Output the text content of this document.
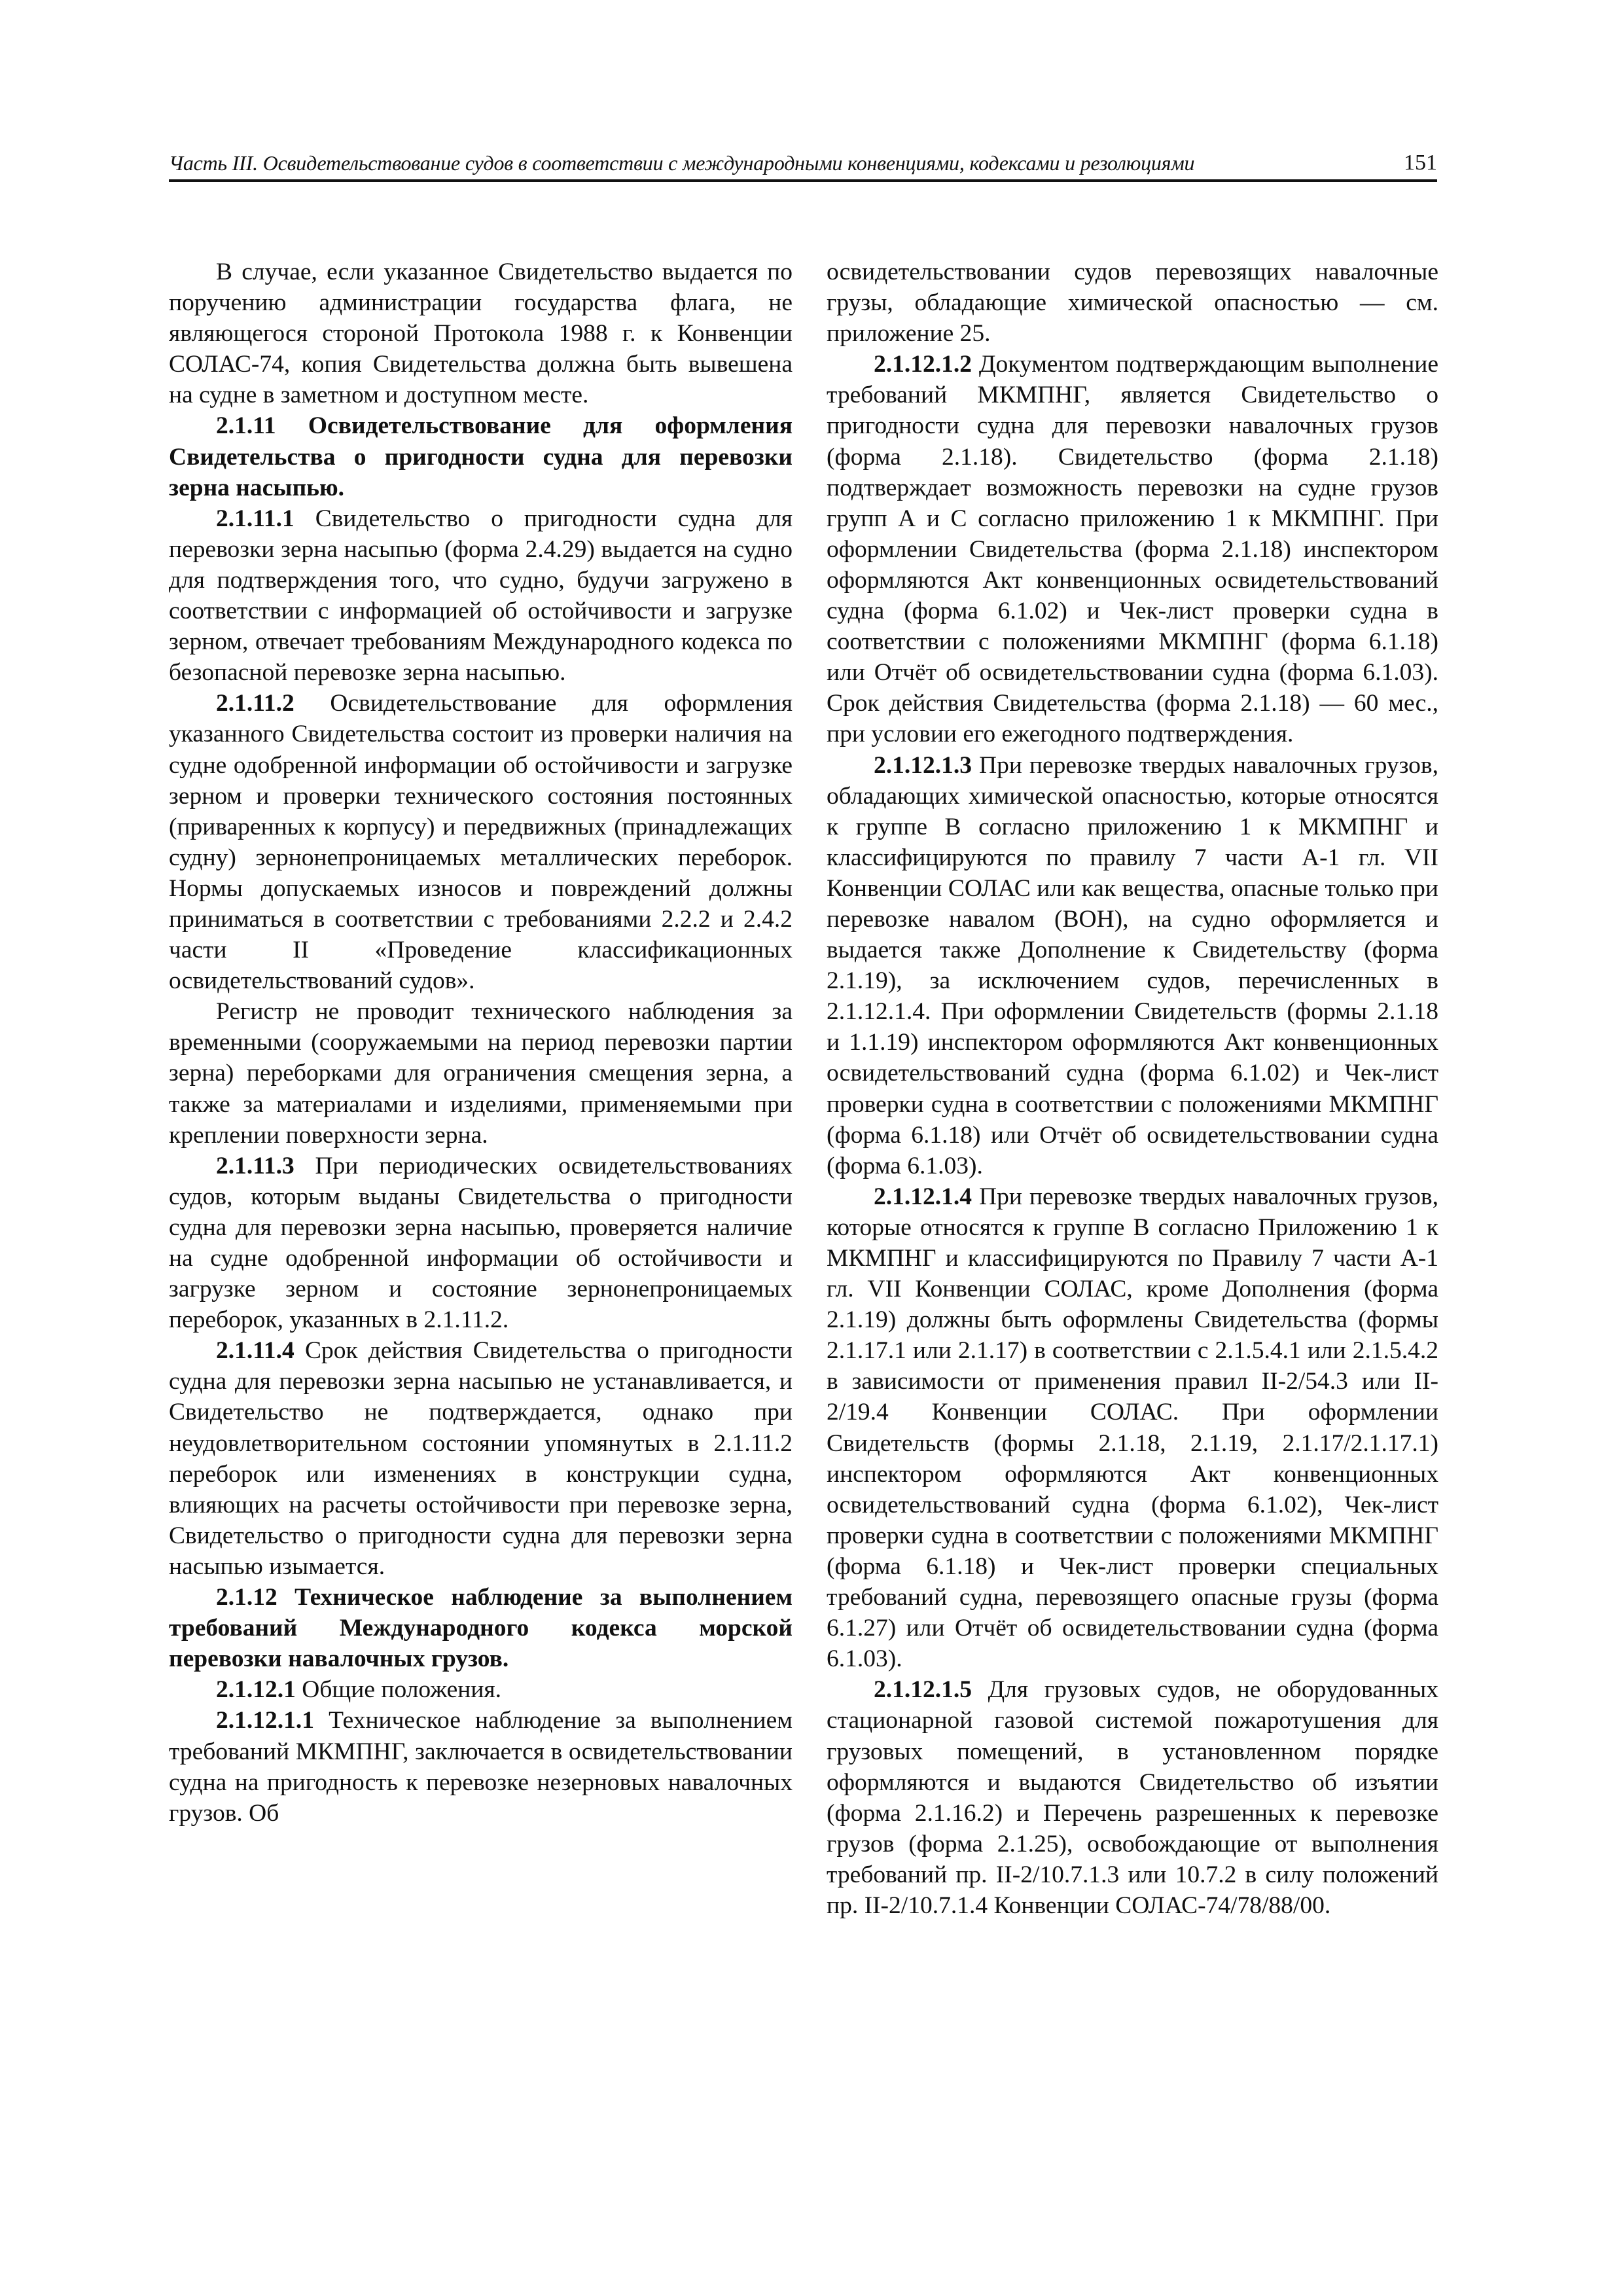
Часть III. Освидетельствование судов в соответствии с международными конвенциями, кодексами и резолюциями	151

В случае, если указанное Свидетельство выдается по поручению администрации государства флага, не являющегося стороной Протокола 1988 г. к Конвенции СОЛАС-74, копия Свидетельства должна быть вывешена на судне в заметном и доступном месте.

2.1.11 Освидетельствование для оформления Свидетельства о пригодности судна для перевозки зерна насыпью.

2.1.11.1 Свидетельство о пригодности судна для перевозки зерна насыпью (форма 2.4.29) выдается на судно для подтверждения того, что судно, будучи загружено в соответствии с информацией об остойчивости и загрузке зерном, отвечает требованиям Международного кодекса по безопасной перевозке зерна насыпью.

2.1.11.2 Освидетельствование для оформления указанного Свидетельства состоит из проверки наличия на судне одобренной информации об остойчивости и загрузке зерном и проверки технического состояния постоянных (приваренных к корпусу) и передвижных (принадлежащих судну) зернонепроницаемых металлических переборок. Нормы допускаемых износов и повреждений должны приниматься в соответствии с требованиями 2.2.2 и 2.4.2 части II «Проведение классификационных освидетельствований судов».

Регистр не проводит технического наблюдения за временными (сооружаемыми на период перевозки партии зерна) переборками для ограничения смещения зерна, а также за материалами и изделиями, применяемыми при креплении поверхности зерна.

2.1.11.3 При периодических освидетельствованиях судов, которым выданы Свидетельства о пригодности судна для перевозки зерна насыпью, проверяется наличие на судне одобренной информации об остойчивости и загрузке зерном и состояние зернонепроницаемых переборок, указанных в 2.1.11.2.

2.1.11.4 Срок действия Свидетельства о пригодности судна для перевозки зерна насыпью не устанавливается, и Свидетельство не подтверждается, однако при неудовлетворительном состоянии упомянутых в 2.1.11.2 переборок или изменениях в конструкции судна, влияющих на расчеты остойчивости при перевозке зерна, Свидетельство о пригодности судна для перевозки зерна насыпью изымается.

2.1.12 Техническое наблюдение за выполнением требований Международного кодекса морской перевозки навалочных грузов.

2.1.12.1 Общие положения.

2.1.12.1.1 Техническое наблюдение за выполнением требований МКМПНГ, заключается в освидетельствовании судна на пригодность к перевозке незерновых навалочных грузов. Об

освидетельствовании судов перевозящих навалочные грузы, обладающие химической опасностью — см. приложение 25.

2.1.12.1.2 Документом подтверждающим выполнение требований МКМПНГ, является Свидетельство о пригодности судна для перевозки навалочных грузов (форма 2.1.18). Свидетельство (форма 2.1.18) подтверждает возможность перевозки на судне грузов групп А и С согласно приложению 1 к МКМПНГ. При оформлении Свидетельства (форма 2.1.18) инспектором оформляются Акт конвенционных освидетельствований судна (форма 6.1.02) и Чек-лист проверки судна в соответствии с положениями МКМПНГ (форма 6.1.18) или Отчёт об освидетельствовании судна (форма 6.1.03). Срок действия Свидетельства (форма 2.1.18) — 60 мес., при условии его ежегодного подтверждения.

2.1.12.1.3 При перевозке твердых навалочных грузов, обладающих химической опасностью, которые относятся к группе В согласно приложению 1 к МКМПНГ и классифицируются по правилу 7 части А-1 гл. VII Конвенции СОЛАС или как вещества, опасные только при перевозке навалом (ВОН), на судно оформляется и выдается также Дополнение к Свидетельству (форма 2.1.19), за исключением судов, перечисленных в 2.1.12.1.4. При оформлении Свидетельств (формы 2.1.18 и 1.1.19) инспектором оформляются Акт конвенционных освидетельствований судна (форма 6.1.02) и Чек-лист проверки судна в соответствии с положениями МКМПНГ (форма 6.1.18) или Отчёт об освидетельствовании судна (форма 6.1.03).

2.1.12.1.4 При перевозке твердых навалочных грузов, которые относятся к группе В согласно Приложению 1 к МКМПНГ и классифицируются по Правилу 7 части А-1 гл. VII Конвенции СОЛАС, кроме Дополнения (форма 2.1.19) должны быть оформлены Свидетельства (формы 2.1.17.1 или 2.1.17) в соответствии с 2.1.5.4.1 или 2.1.5.4.2 в зависимости от применения правил II-2/54.3 или II-2/19.4 Конвенции СОЛАС. При оформлении Свидетельств (формы 2.1.18, 2.1.19, 2.1.17/2.1.17.1) инспектором оформляются Акт конвенционных освидетельствований судна (форма 6.1.02), Чек-лист проверки судна в соответствии с положениями МКМПНГ (форма 6.1.18) и Чек-лист проверки специальных требований судна, перевозящего опасные грузы (форма 6.1.27) или Отчёт об освидетельствовании судна (форма 6.1.03).

2.1.12.1.5 Для грузовых судов, не оборудованных стационарной газовой системой пожаротушения для грузовых помещений, в установленном порядке оформляются и выдаются Свидетельство об изъятии (форма 2.1.16.2) и Перечень разрешенных к перевозке грузов (форма 2.1.25), освобождающие от выполнения требований пр. II-2/10.7.1.3 или 10.7.2 в силу положений пр. II-2/10.7.1.4 Конвенции СОЛАС-74/78/88/00.
